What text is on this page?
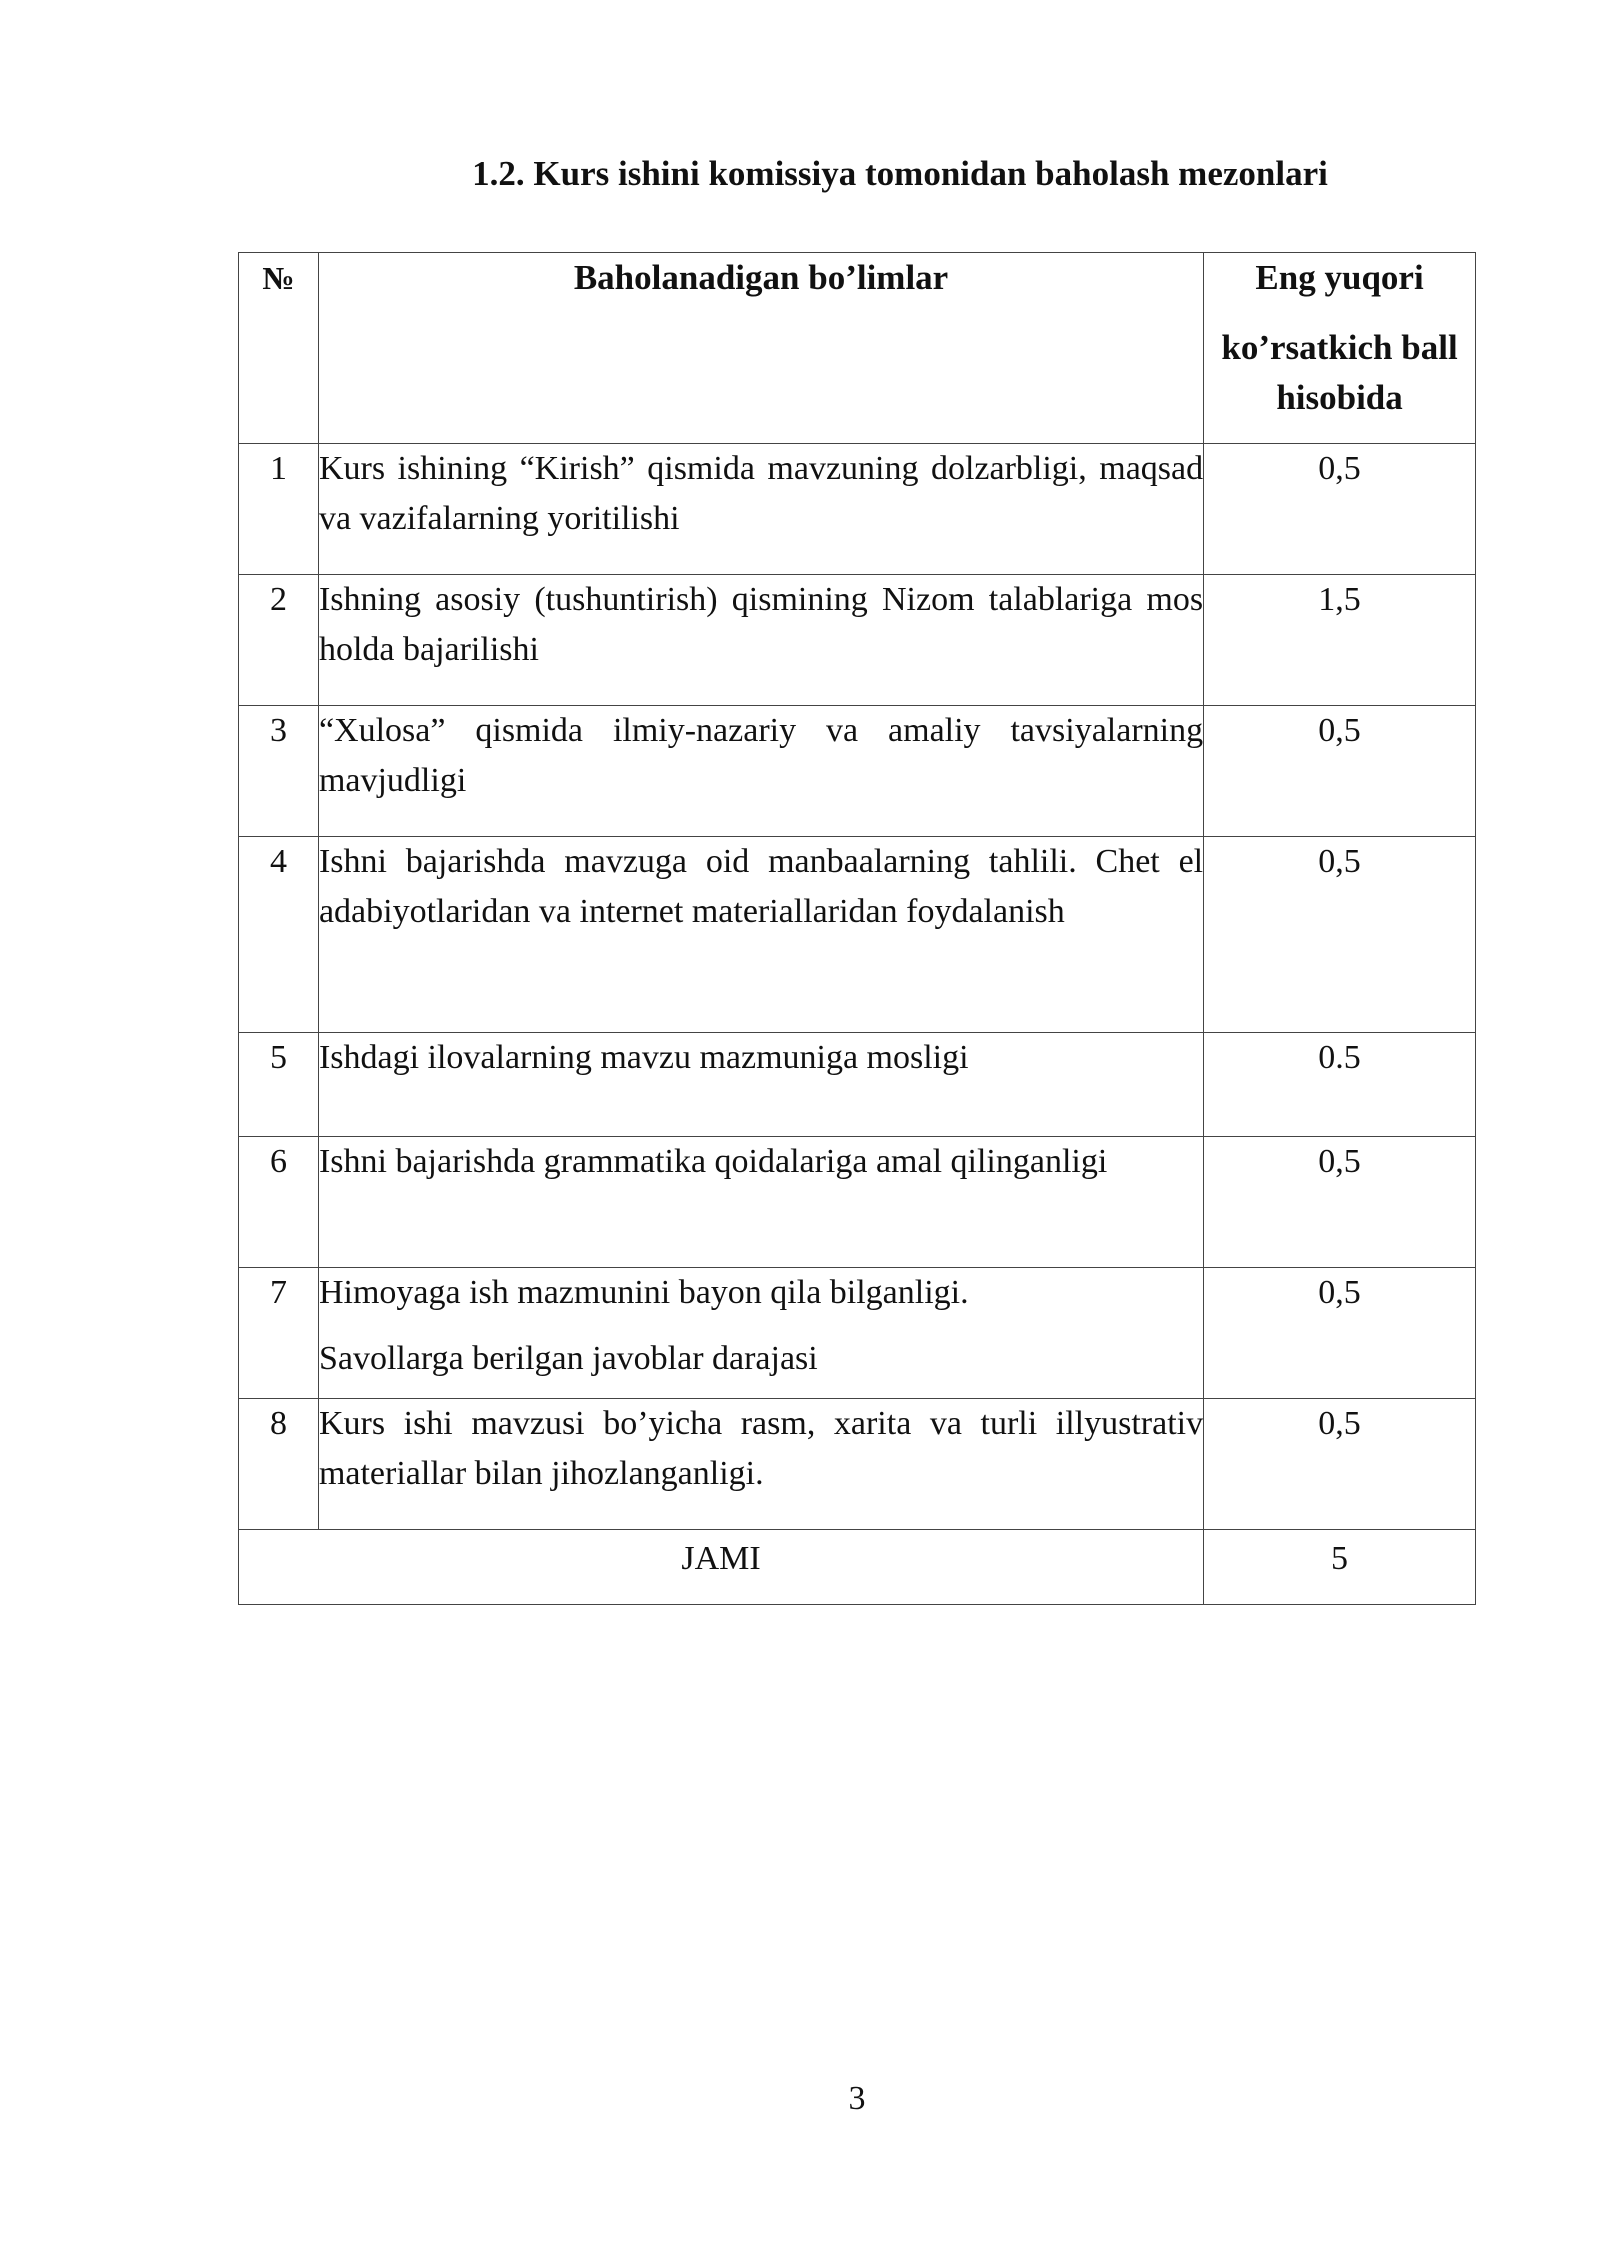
1.2. Kurs ishini komissiya tomonidan baholash mezonlari
№	Baholanadigan bo’limlar	Eng yuqori
ko’rsatkich ball hisobida

1	Kurs ishining “Kirish” qismida mavzuning dolzarbligi, maqsad va vazifalarning yoritilishi	0,5
2	Ishning asosiy (tushuntirish) qismining Nizom talablariga mos holda bajarilishi	1,5
3	“Xulosa” qismida ilmiy-nazariy va amaliy tavsiyalarning mavjudligi	0,5
4	Ishni bajarishda mavzuga oid manbaalarning tahlili. Chet el adabiyotlaridan va internet materiallaridan foydalanish	0,5
5	Ishdagi ilovalarning mavzu mazmuniga mosligi	0.5
6	Ishni bajarishda grammatika qoidalariga amal qilinganligi	0,5
7	Himoyaga ish mazmunini bayon qila bilganligi.
Savollarga berilgan javoblar darajasi	0,5
8	Kurs ishi mavzusi bo’yicha rasm, xarita va turli illyustrativ materiallar bilan jihozlanganligi.	0,5
JAMI		5
3
